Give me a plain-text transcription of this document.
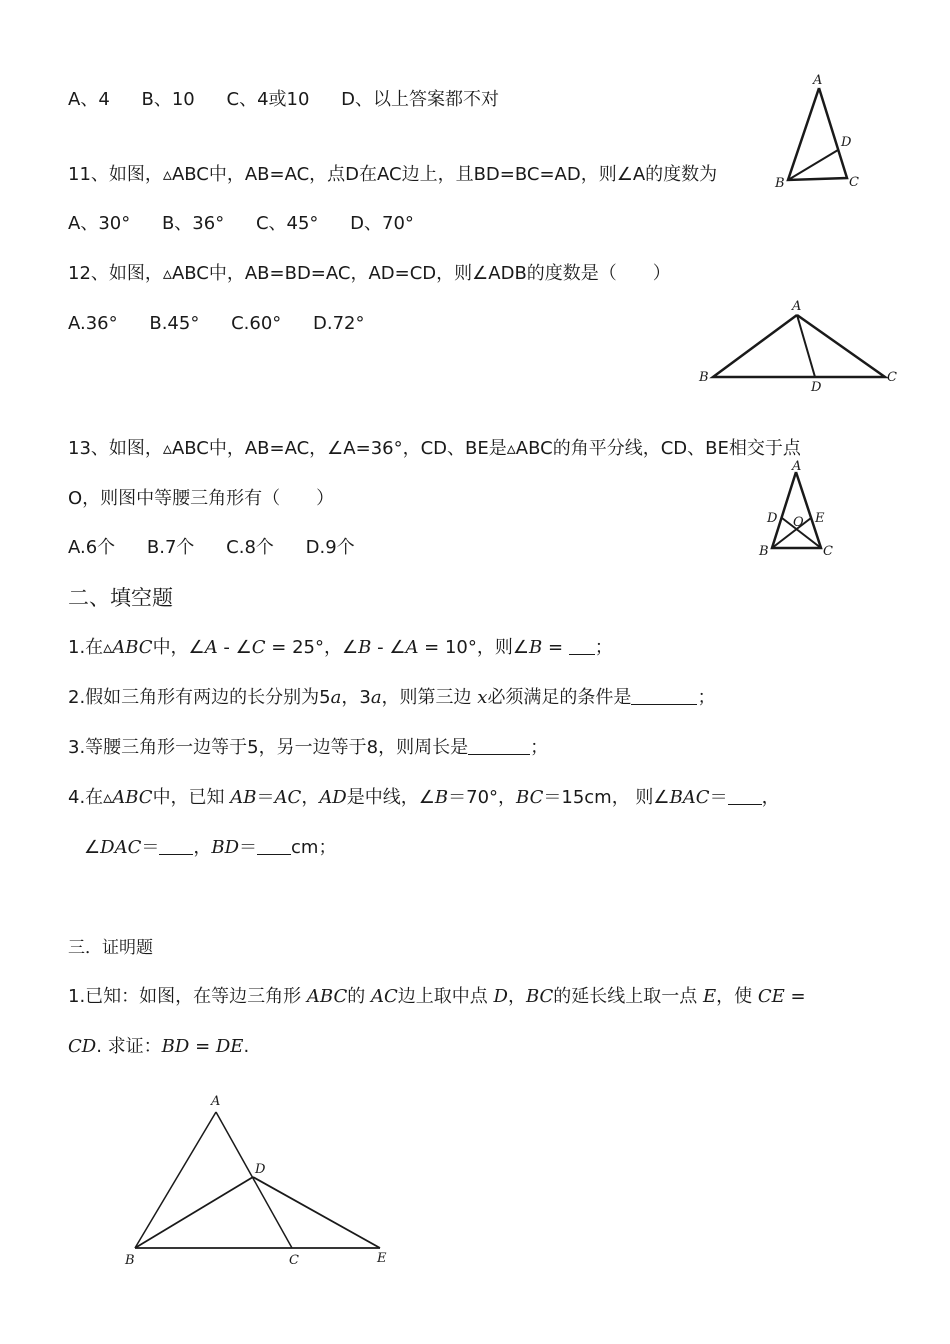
A、4 B、10 C、4或10 D、以上答案都不对
A
B	C
D
11、如图，▵ABC中，AB=AC，点D在AC边上，且BD=BC=AD，则∠A的度数为
A、30° B、36° C、45° D、70°
12、如图，▵ABC中，AB=BD=AC，AD=CD，则∠ADB的度数是（　　）
A.36° B.45° C.60° D.72°
A
B	C
D
13、如图，▵ABC中，AB=AC，∠A=36°，CD、BE是▵ABC的角平分线，CD、BE相交于点
O，则图中等腰三角形有（　　）
A.6个 B.7个 C.8个 D.9个
A
B	C
D	E
O
二、填空题
1.在▵ABC中，∠A - ∠C = 25°，∠B - ∠A = 10°，则∠B = ；
2.假如三角形有两边的长分别为5a，3a，则第三边 x必须满足的条件是	；
3.等腰三角形一边等于5，另一边等于8，则周长是	；
4.在▵ABC中，已知 AB＝AC，AD是中线，∠B＝70°，BC＝15cm， 则∠BAC＝ ，
∠DAC＝ ，BD＝ cm；
三．证明题
1.已知：如图，在等边三角形 ABC的 AC边上取中点 D，BC的延长线上取一点 E，使 CE =
CD. 求证：BD = DE.
A
B	C
D
E
